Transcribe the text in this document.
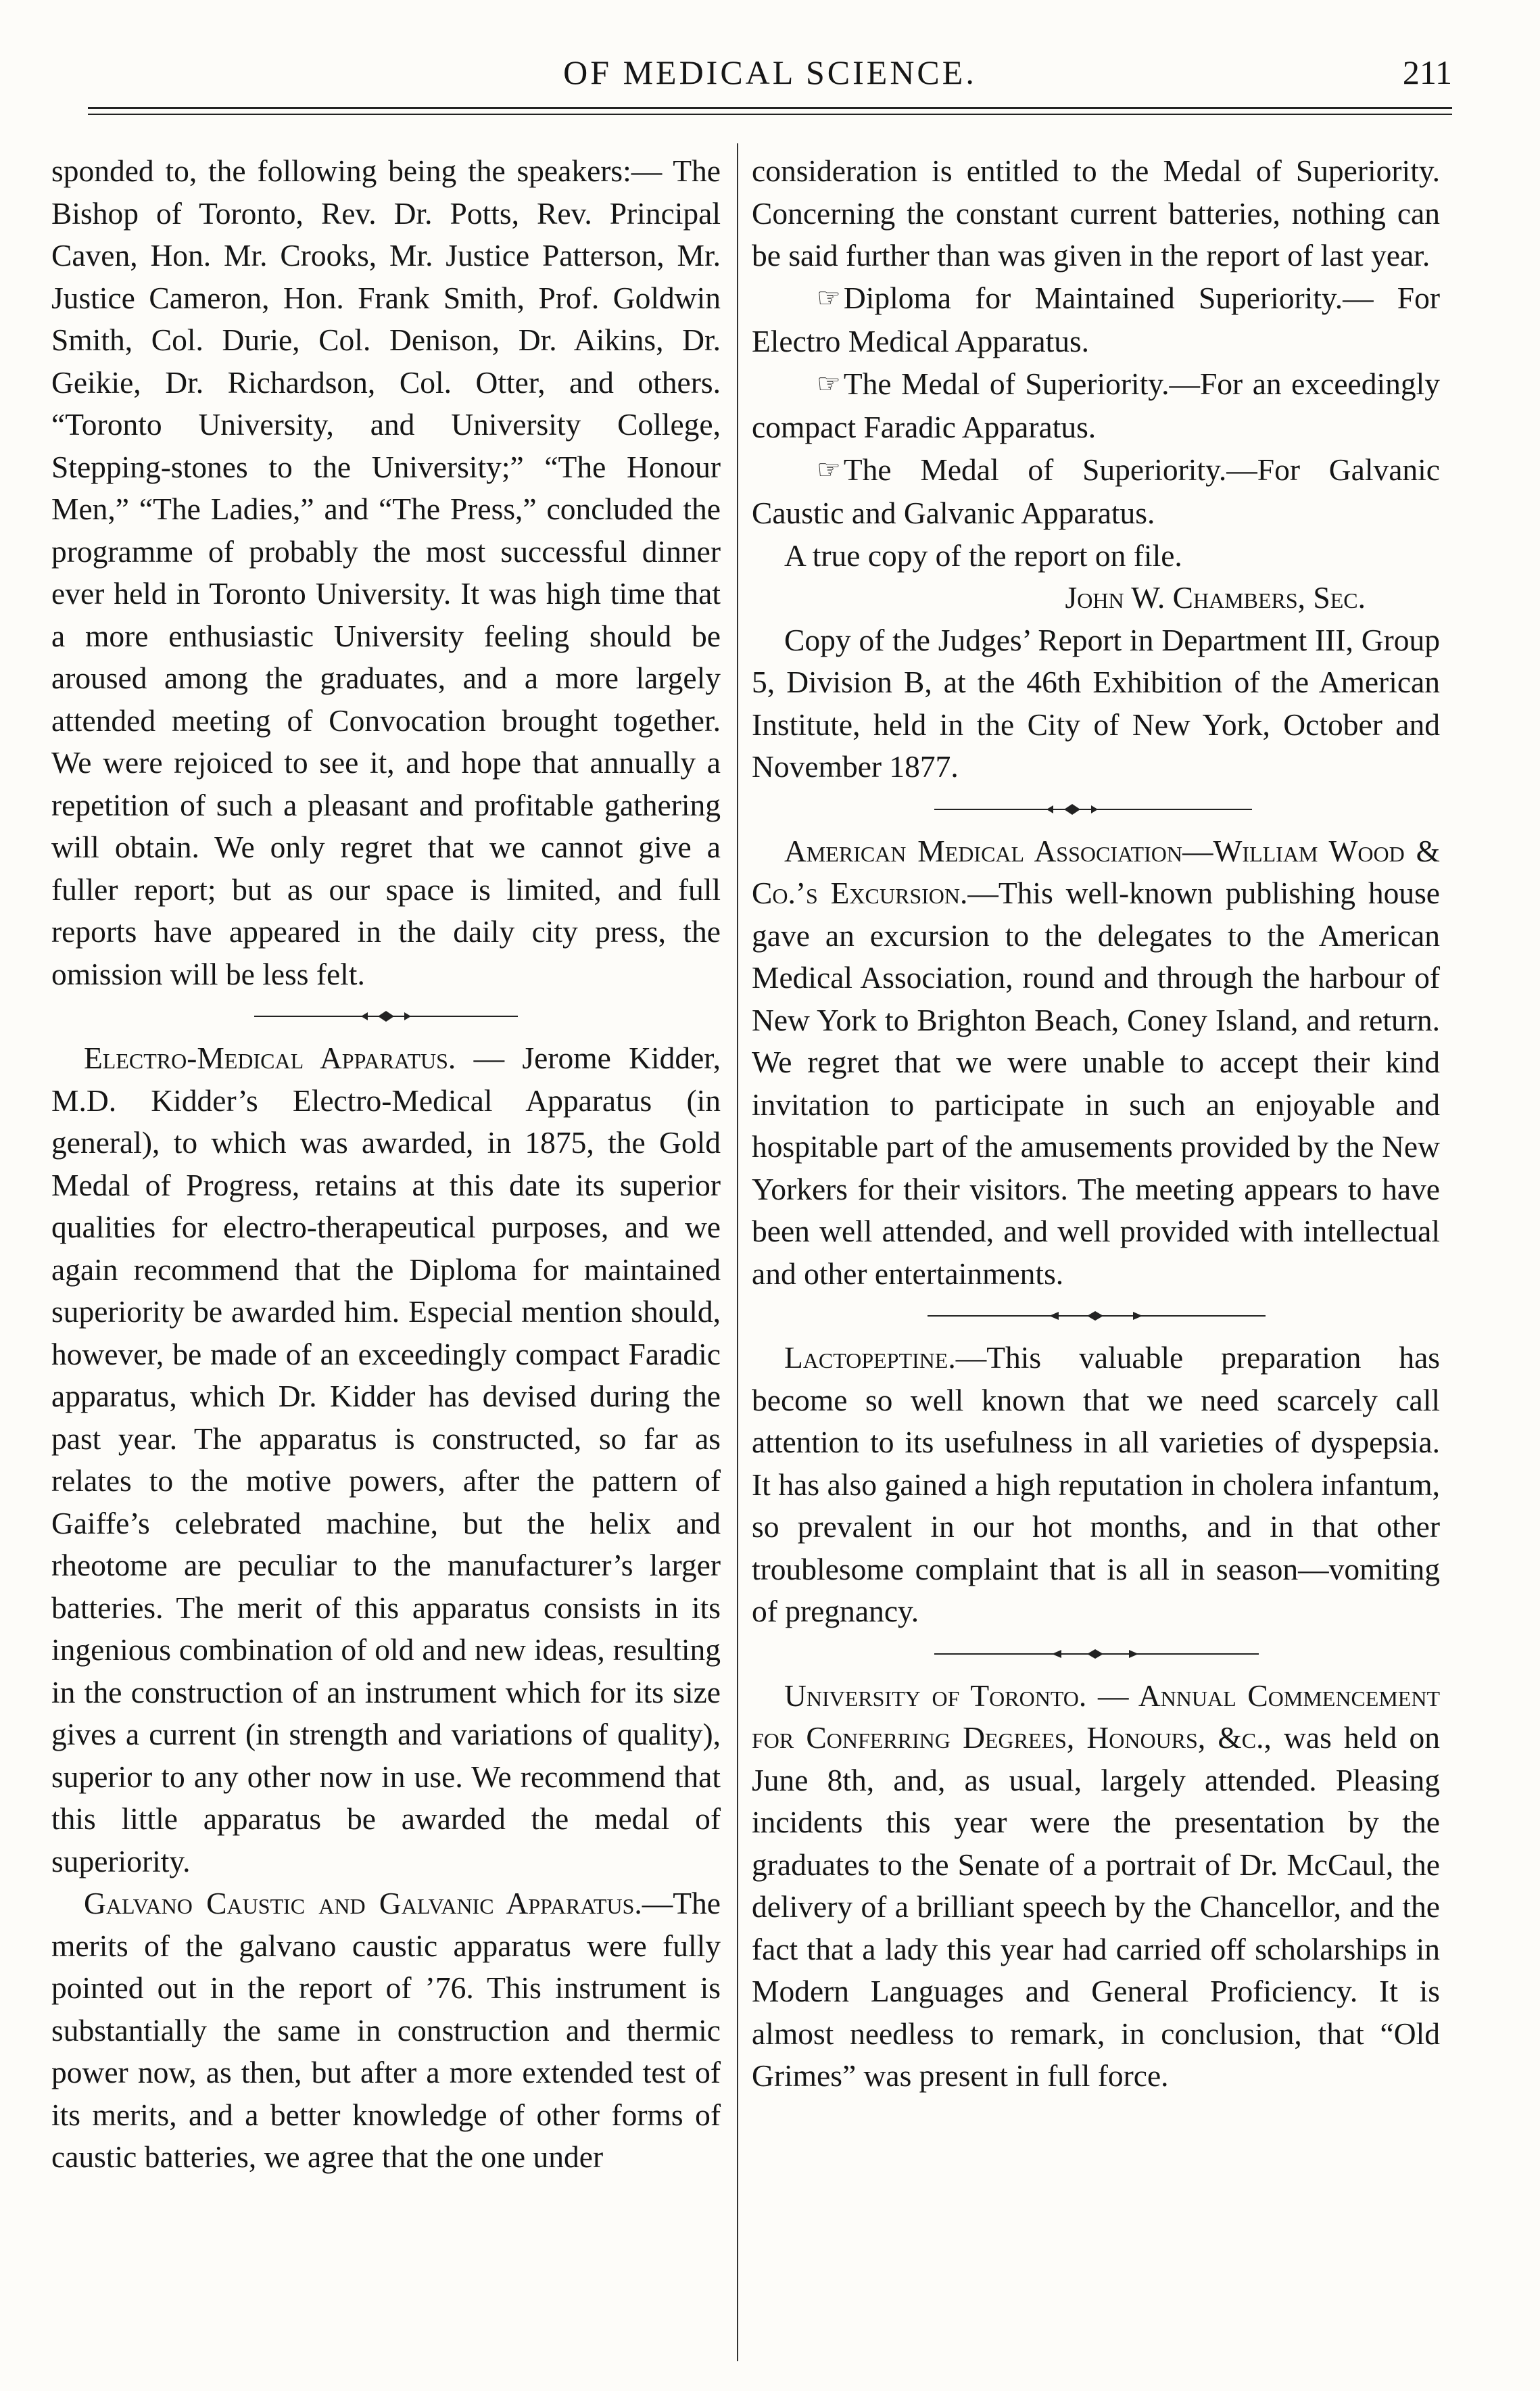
OF MEDICAL SCIENCE.	211

sponded to, the following being the speakers:— The Bishop of Toronto, Rev. Dr. Potts, Rev. Principal Caven, Hon. Mr. Crooks, Mr. Justice Patterson, Mr. Justice Cameron, Hon. Frank Smith, Prof. Goldwin Smith, Col. Durie, Col. Denison, Dr. Aikins, Dr. Geikie, Dr. Richardson, Col. Otter, and others. “Toronto University, and University College, Stepping-stones to the University;” “The Honour Men,” “The Ladies,” and “The Press,” concluded the programme of probably the most successful dinner ever held in Toronto University. It was high time that a more enthusiastic University feeling should be aroused among the graduates, and a more largely attended meeting of Convocation brought together. We were rejoiced to see it, and hope that annually a repetition of such a pleasant and profitable gathering will obtain. We only regret that we cannot give a fuller report; but as our space is limited, and full reports have appeared in the daily city press, the omission will be less felt.

Electro-Medical Apparatus. — Jerome Kidder, M.D. Kidder’s Electro-Medical Apparatus (in general), to which was awarded, in 1875, the Gold Medal of Progress, retains at this date its superior qualities for electro-therapeutical purposes, and we again recommend that the Diploma for maintained superiority be awarded him. Especial mention should, however, be made of an exceedingly compact Faradic apparatus, which Dr. Kidder has devised during the past year. The apparatus is constructed, so far as relates to the motive powers, after the pattern of Gaiffe’s celebrated machine, but the helix and rheotome are peculiar to the manufacturer’s larger batteries. The merit of this apparatus consists in its ingenious combination of old and new ideas, resulting in the construction of an instrument which for its size gives a current (in strength and variations of quality), superior to any other now in use. We recommend that this little apparatus be awarded the medal of superiority.

Galvano Caustic and Galvanic Apparatus.—The merits of the galvano caustic apparatus were fully pointed out in the report of ’76. This instrument is substantially the same in construction and thermic power now, as then, but after a more extended test of its merits, and a better knowledge of other forms of caustic batteries, we agree that the one under

consideration is entitled to the Medal of Superiority. Concerning the constant current batteries, nothing can be said further than was given in the report of last year.

☞Diploma for Maintained Superiority.— For Electro Medical Apparatus.

☞The Medal of Superiority.—For an exceedingly compact Faradic Apparatus.

☞The Medal of Superiority.—For Galvanic Caustic and Galvanic Apparatus.

A true copy of the report on file.

John W. Chambers, Sec.

Copy of the Judges’ Report in Department III, Group 5, Division B, at the 46th Exhibition of the American Institute, held in the City of New York, October and November 1877.

American Medical Association—William Wood & Co.’s Excursion.—This well-known publishing house gave an excursion to the delegates to the American Medical Association, round and through the harbour of New York to Brighton Beach, Coney Island, and return. We regret that we were unable to accept their kind invitation to participate in such an enjoyable and hospitable part of the amusements provided by the New Yorkers for their visitors. The meeting appears to have been well attended, and well provided with intellectual and other entertainments.

Lactopeptine.—This valuable preparation has become so well known that we need scarcely call attention to its usefulness in all varieties of dyspepsia. It has also gained a high reputation in cholera infantum, so prevalent in our hot months, and in that other troublesome complaint that is all in season—vomiting of pregnancy.

University of Toronto. — Annual Commencement for Conferring Degrees, Honours, &c., was held on June 8th, and, as usual, largely attended. Pleasing incidents this year were the presentation by the graduates to the Senate of a portrait of Dr. McCaul, the delivery of a brilliant speech by the Chancellor, and the fact that a lady this year had carried off scholarships in Modern Languages and General Proficiency. It is almost needless to remark, in conclusion, that “Old Grimes” was present in full force.
